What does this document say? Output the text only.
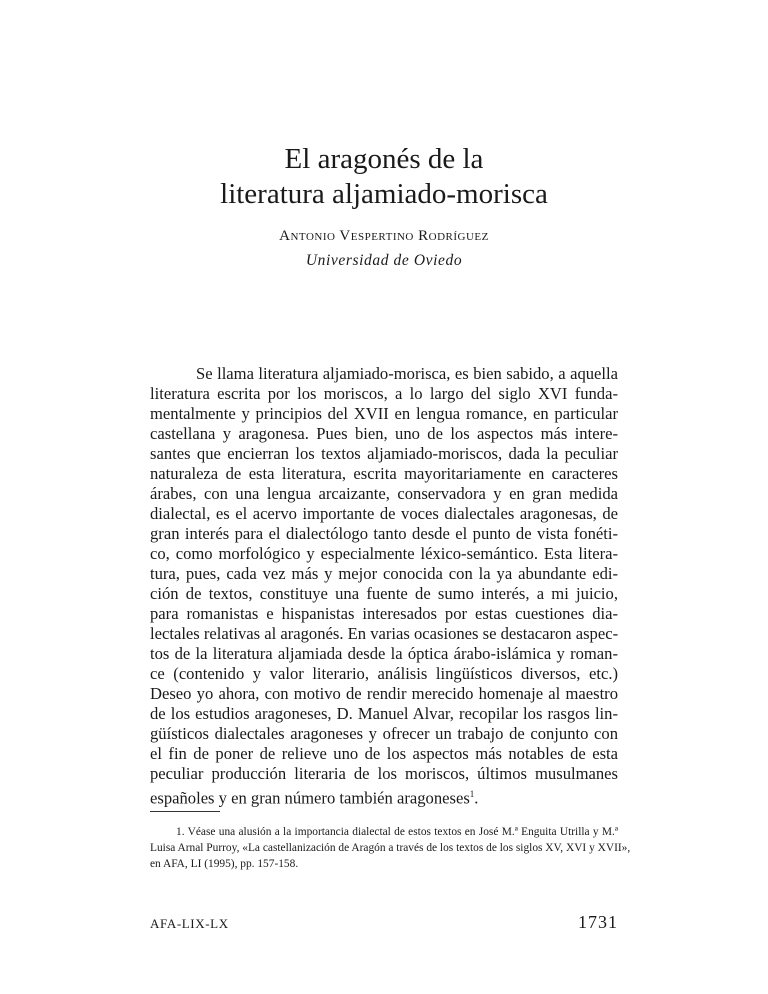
El aragonés de la
literatura aljamiado-morisca
Antonio Vespertino Rodríguez
Universidad de Oviedo
Se llama literatura aljamiado-morisca, es bien sabido, a aquella
literatura escrita por los moriscos, a lo largo del siglo XVI funda-
mentalmente y principios del XVII en lengua romance, en particular
castellana y aragonesa. Pues bien, uno de los aspectos más intere-
santes que encierran los textos aljamiado-moriscos, dada la peculiar
naturaleza de esta literatura, escrita mayoritariamente en caracteres
árabes, con una lengua arcaizante, conservadora y en gran medida
dialectal, es el acervo importante de voces dialectales aragonesas, de
gran interés para el dialectólogo tanto desde el punto de vista fonéti-
co, como morfológico y especialmente léxico-semántico. Esta litera-
tura, pues, cada vez más y mejor conocida con la ya abundante edi-
ción de textos, constituye una fuente de sumo interés, a mi juicio,
para romanistas e hispanistas interesados por estas cuestiones dia-
lectales relativas al aragonés. En varias ocasiones se destacaron aspec-
tos de la literatura aljamiada desde la óptica árabo-islámica y roman-
ce (contenido y valor literario, análisis lingüísticos diversos, etc.)
Deseo yo ahora, con motivo de rendir merecido homenaje al maestro
de los estudios aragoneses, D. Manuel Alvar, recopilar los rasgos lin-
güísticos dialectales aragoneses y ofrecer un trabajo de conjunto con
el fin de poner de relieve uno de los aspectos más notables de esta
peculiar producción literaria de los moriscos, últimos musulmanes
españoles y en gran número también aragoneses$^1$.
1. Véase una alusión a la importancia dialectal de estos textos en José M.ª Enguita Utrilla y M.ª
Luisa Arnal Purroy, «La castellanización de Aragón a través de los textos de los siglos XV, XVI y XVII»,
en AFA, LI (1995), pp. 157-158.
AFA-LIX-LX	1731
